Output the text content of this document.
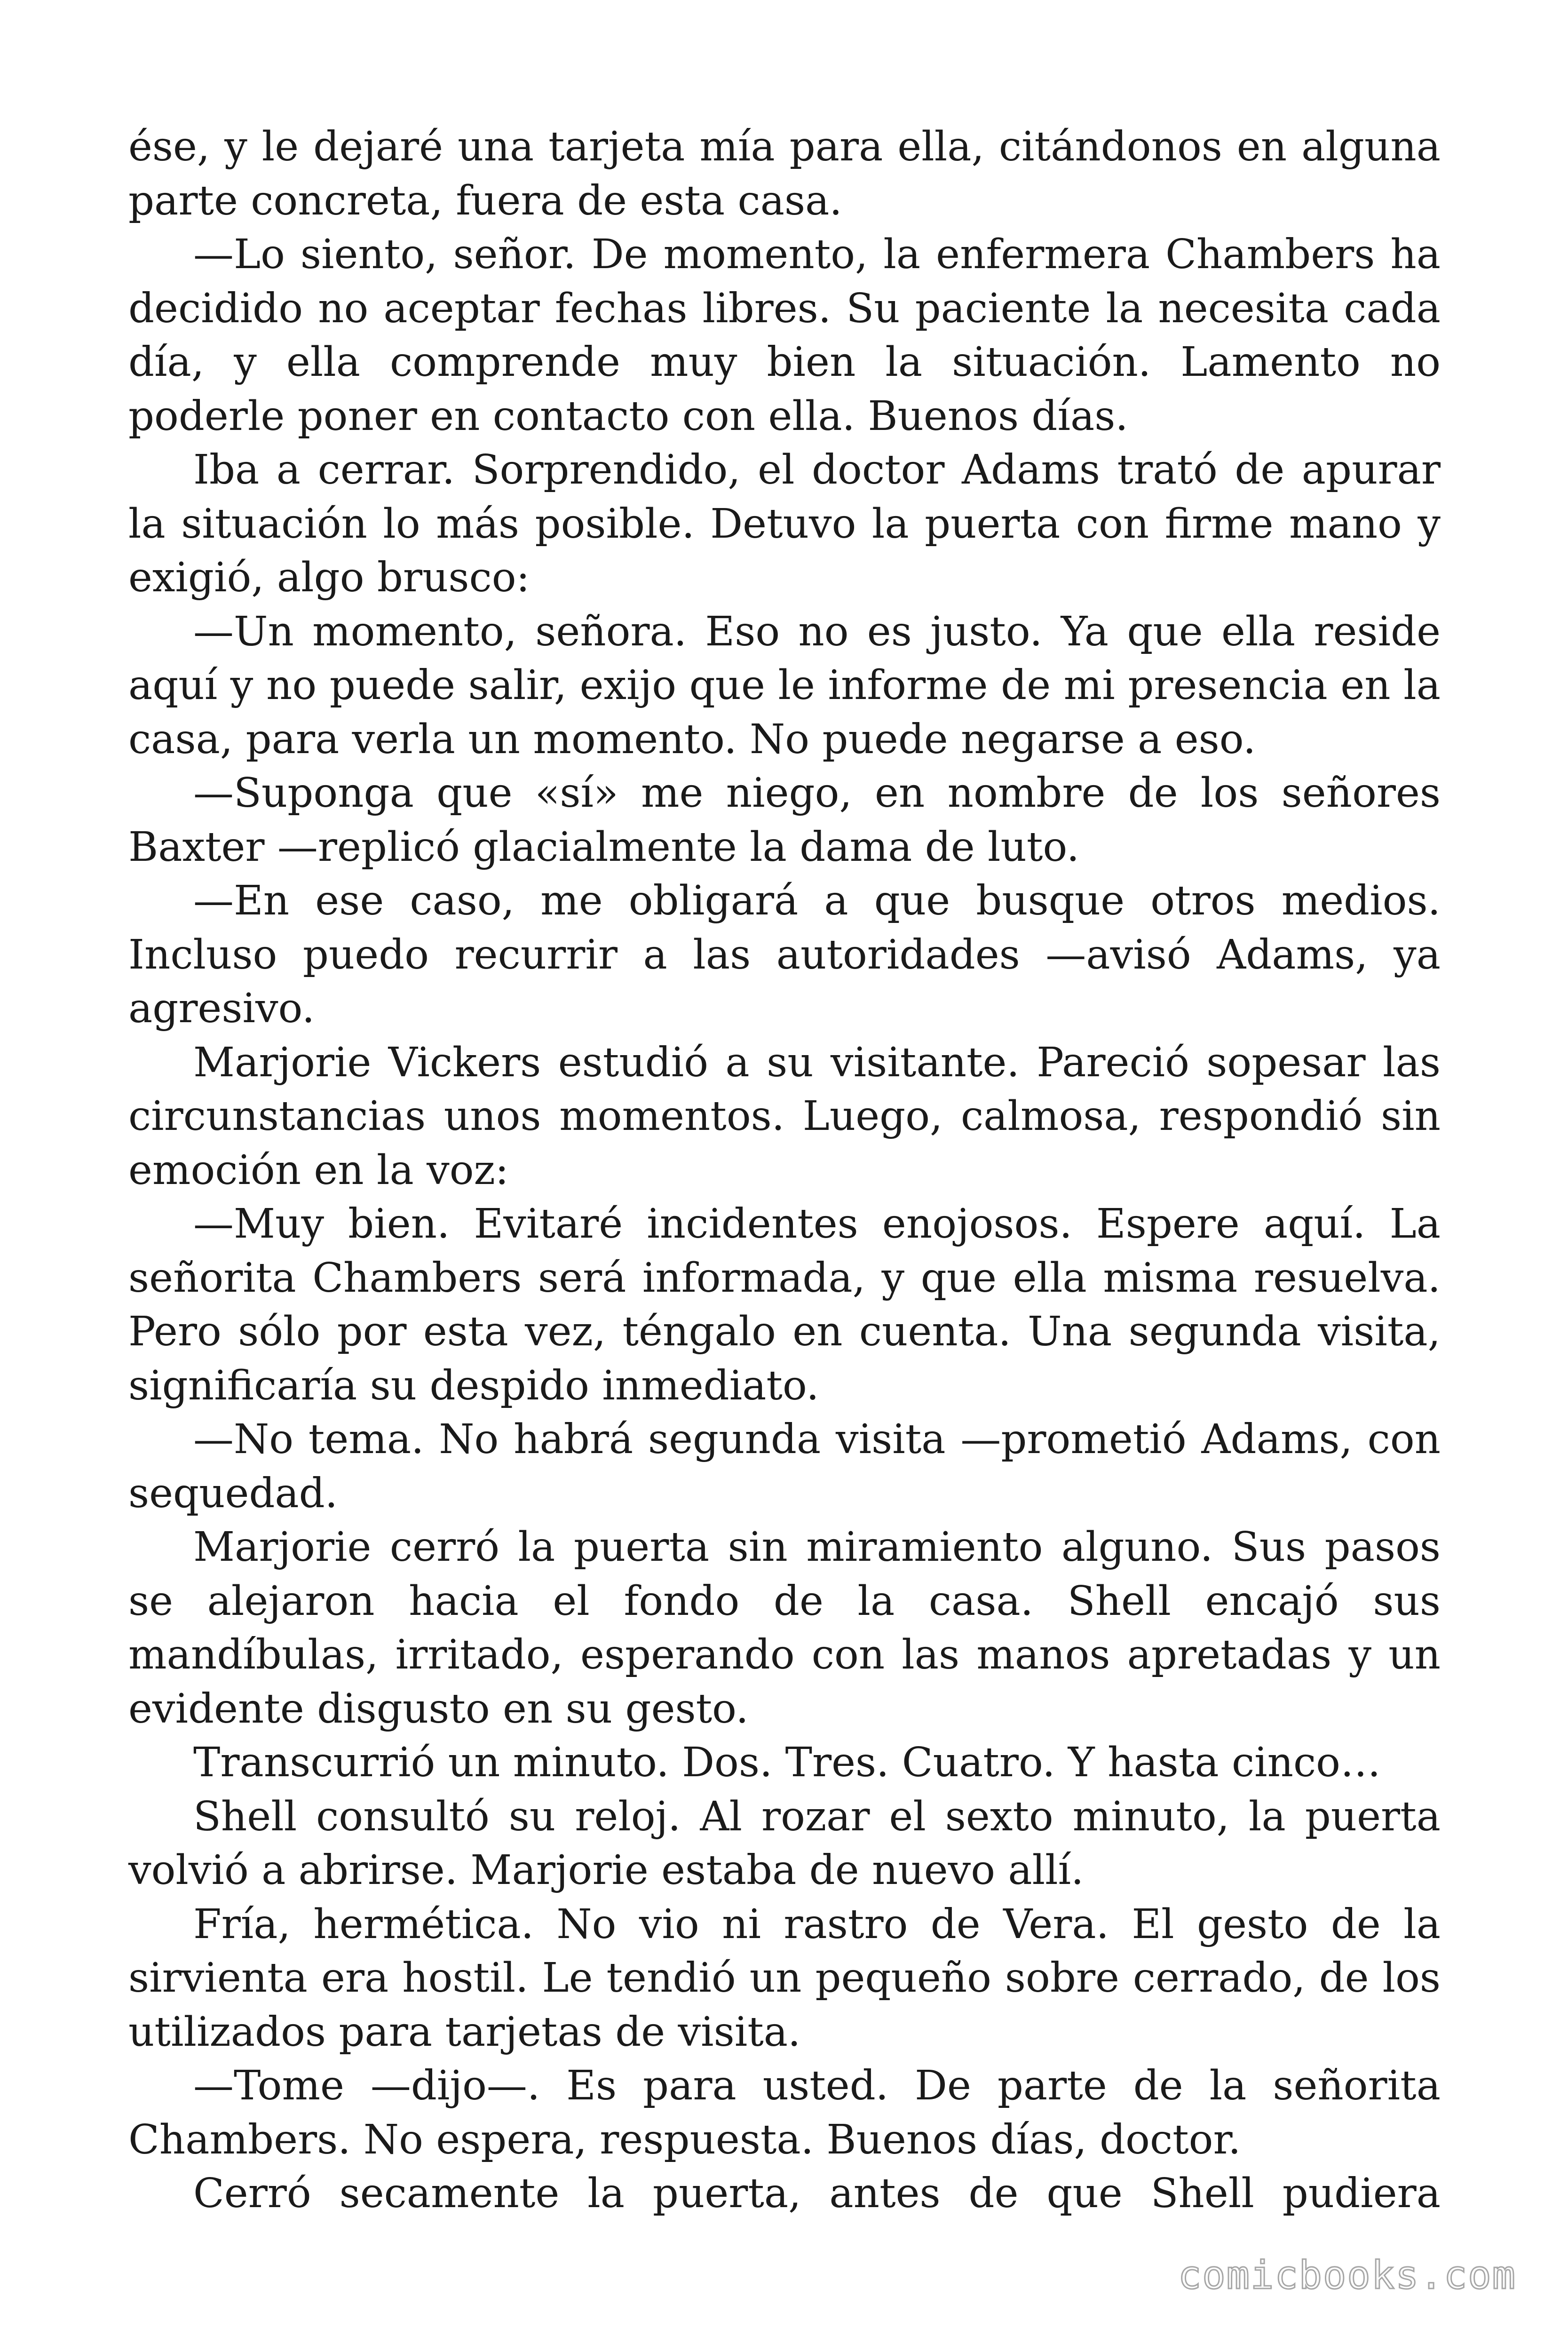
ése, y le dejaré una tarjeta mía para ella, citándonos en alguna parte concreta, fuera de esta casa.

—Lo siento, señor. De momento, la enfermera Chambers ha decidido no aceptar fechas libres. Su paciente la necesita cada día, y ella comprende muy bien la situación. Lamento no poderle poner en contacto con ella. Buenos días.

Iba a cerrar. Sorprendido, el doctor Adams trató de apurar la situación lo más posible. Detuvo la puerta con firme mano y exigió, algo brusco:

—Un momento, señora. Eso no es justo. Ya que ella reside aquí y no puede salir, exijo que le informe de mi presencia en la casa, para verla un momento. No puede negarse a eso.

—Suponga que «sí» me niego, en nombre de los señores Baxter —replicó glacialmente la dama de luto.

—En ese caso, me obligará a que busque otros medios. Incluso puedo recurrir a las autoridades —avisó Adams, ya agresivo.

Marjorie Vickers estudió a su visitante. Pareció sopesar las circunstancias unos momentos. Luego, calmosa, respondió sin emoción en la voz:

—Muy bien. Evitaré incidentes enojosos. Espere aquí. La señorita Chambers será informada, y que ella misma resuelva. Pero sólo por esta vez, téngalo en cuenta. Una segunda visita, significaría su despido inmediato.

—No tema. No habrá segunda visita —prometió Adams, con sequedad.

Marjorie cerró la puerta sin miramiento alguno. Sus pasos se alejaron hacia el fondo de la casa. Shell encajó sus mandíbulas, irritado, esperando con las manos apretadas y un evidente disgusto en su gesto.

Transcurrió un minuto. Dos. Tres. Cuatro. Y hasta cinco…

Shell consultó su reloj. Al rozar el sexto minuto, la puerta volvió a abrirse. Marjorie estaba de nuevo allí.

Fría, hermética. No vio ni rastro de Vera. El gesto de la sirvienta era hostil. Le tendió un pequeño sobre cerrado, de los utilizados para tarjetas de visita.

—Tome —dijo—. Es para usted. De parte de la señorita Chambers. No espera, respuesta. Buenos días, doctor.

Cerró secamente la puerta, antes de que Shell pudiera

comicbooks.com
